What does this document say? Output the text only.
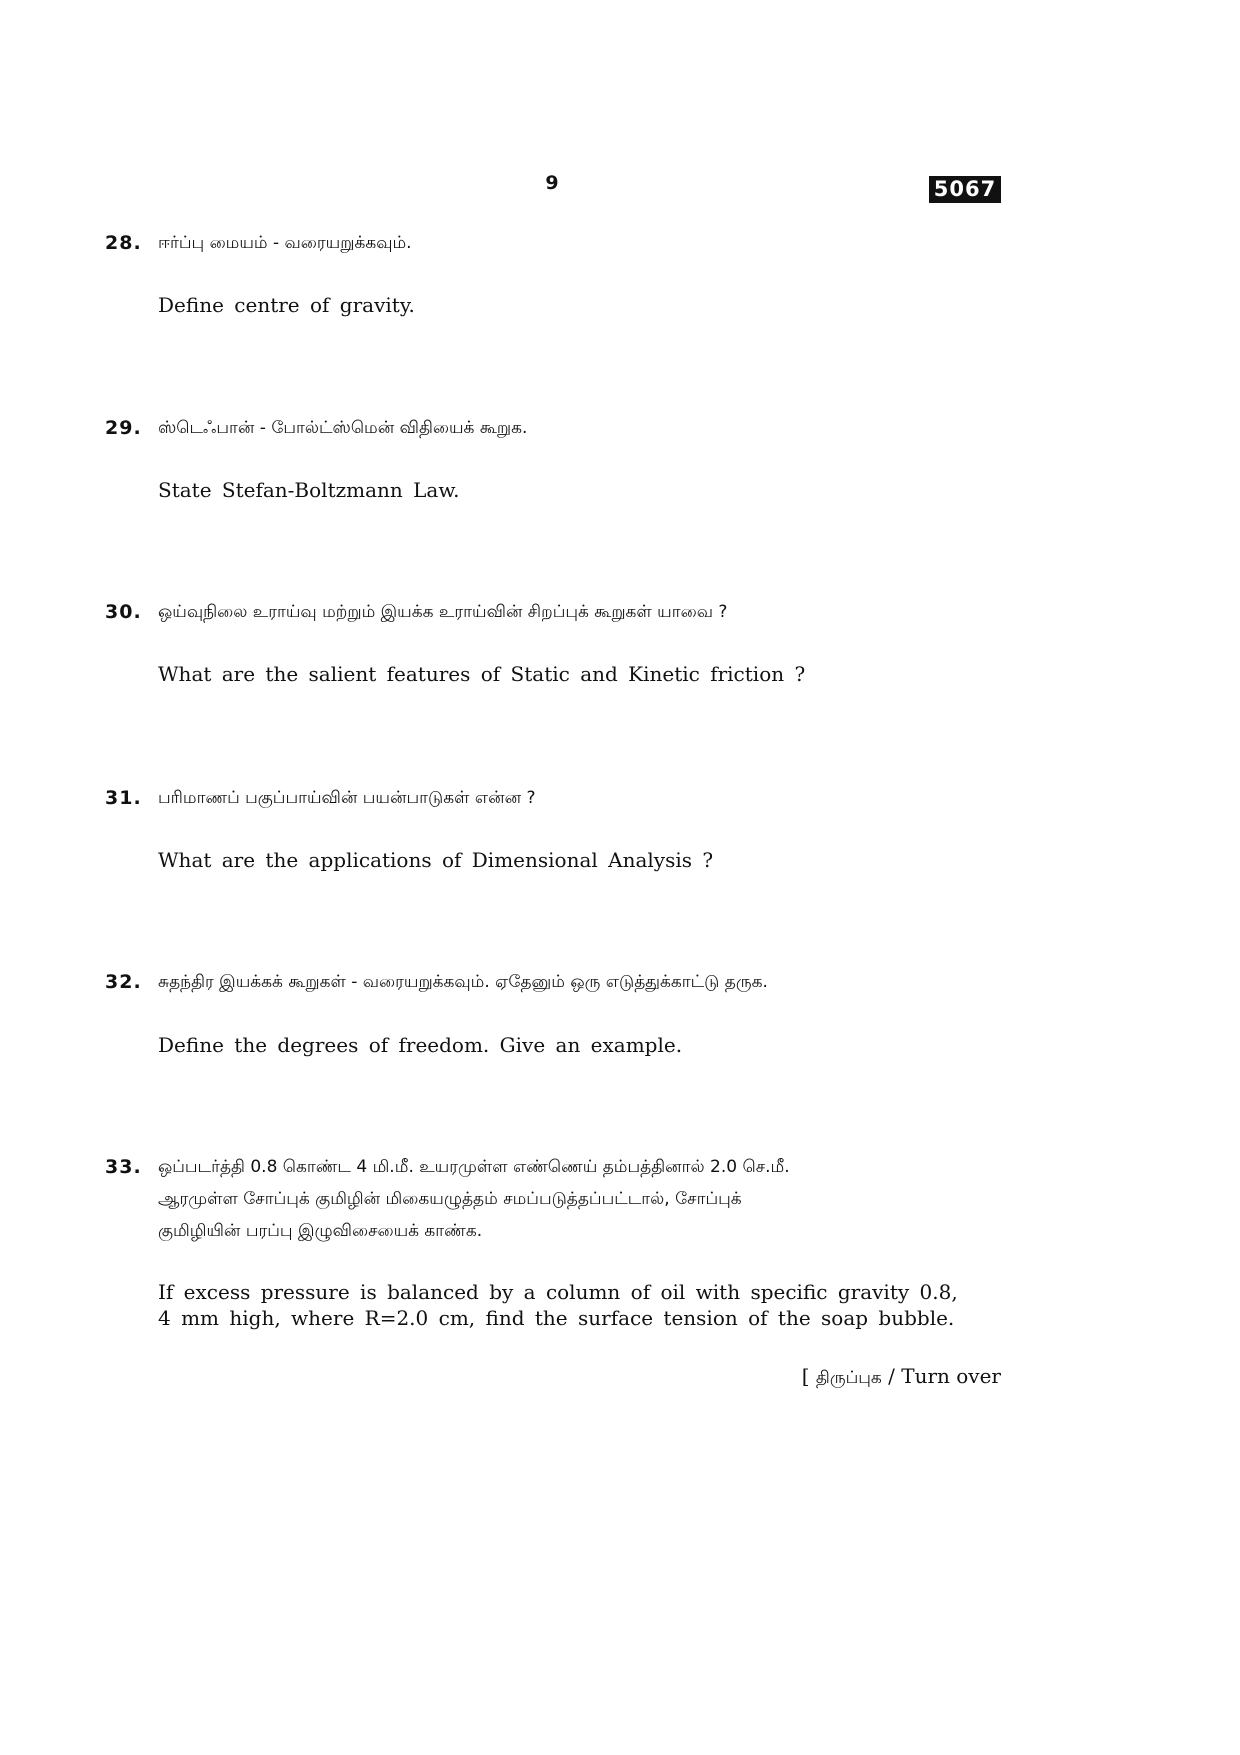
9	5067
28. ஈர்ப்பு மையம் - வரையறுக்கவும்.
Define centre of gravity.
29. ஸ்டெஃபான் - போல்ட்ஸ்மென் விதியைக் கூறுக.
State Stefan-Boltzmann Law.
30. ஒய்வுநிலை உராய்வு மற்றும் இயக்க உராய்வின் சிறப்புக் கூறுகள் யாவை ?
What are the salient features of Static and Kinetic friction ?
31. பரிமாணப் பகுப்பாய்வின் பயன்பாடுகள் என்ன ?
What are the applications of Dimensional Analysis ?
32. சுதந்திர இயக்கக் கூறுகள் - வரையறுக்கவும். ஏதேனும் ஒரு எடுத்துக்காட்டு தருக.
Define the degrees of freedom. Give an example.
33. ஒப்படர்த்தி 0.8 கொண்ட 4 மி.மீ. உயரமுள்ள எண்ணெய் தம்பத்தினால் 2.0 செ.மீ.
ஆரமுள்ள சோப்புக் குமிழின் மிகையழுத்தம் சமப்படுத்தப்பட்டால், சோப்புக்
குமிழியின் பரப்பு இழுவிசையைக் காண்க.
If excess pressure is balanced by a column of oil with specific gravity 0.8,
4 mm high, where R=2.0 cm, find the surface tension of the soap bubble.
[ திருப்புக / Turn over
